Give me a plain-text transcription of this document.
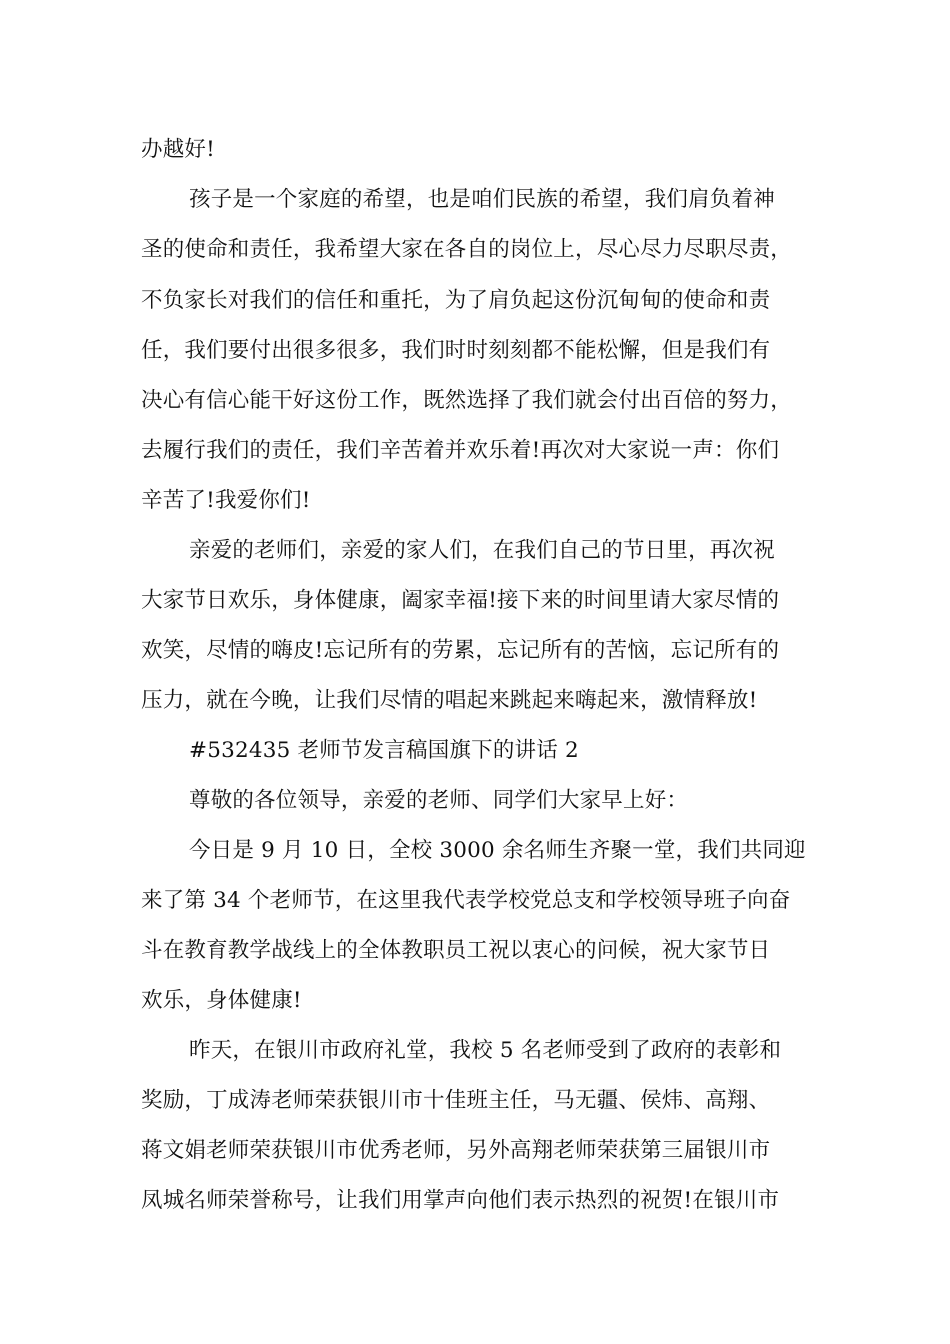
办越好!
孩子是一个家庭的希望，也是咱们民族的希望，我们肩负着神
圣的使命和责任，我希望大家在各自的岗位上，尽心尽力尽职尽责，
不负家长对我们的信任和重托，为了肩负起这份沉甸甸的使命和责
任，我们要付出很多很多，我们时时刻刻都不能松懈，但是我们有
决心有信心能干好这份工作，既然选择了我们就会付出百倍的努力，
去履行我们的责任，我们辛苦着并欢乐着!再次对大家说一声：你们
辛苦了!我爱你们!
亲爱的老师们，亲爱的家人们，在我们自己的节日里，再次祝
大家节日欢乐，身体健康，阖家幸福!接下来的时间里请大家尽情的
欢笑，尽情的嗨皮!忘记所有的劳累，忘记所有的苦恼，忘记所有的
压力，就在今晚，让我们尽情的唱起来跳起来嗨起来，激情释放!
#532435 老师节发言稿国旗下的讲话 2
尊敬的各位领导，亲爱的老师、同学们大家早上好：
今日是 9 月 10 日，全校 3000 余名师生齐聚一堂，我们共同迎
来了第 34 个老师节，在这里我代表学校党总支和学校领导班子向奋
斗在教育教学战线上的全体教职员工祝以衷心的问候，祝大家节日
欢乐，身体健康!
昨天，在银川市政府礼堂，我校 5 名老师受到了政府的表彰和
奖励，丁成涛老师荣获银川市十佳班主任，马无疆、侯炜、高翔、
蒋文娟老师荣获银川市优秀老师，另外高翔老师荣获第三届银川市
凤城名师荣誉称号，让我们用掌声向他们表示热烈的祝贺!在银川市
